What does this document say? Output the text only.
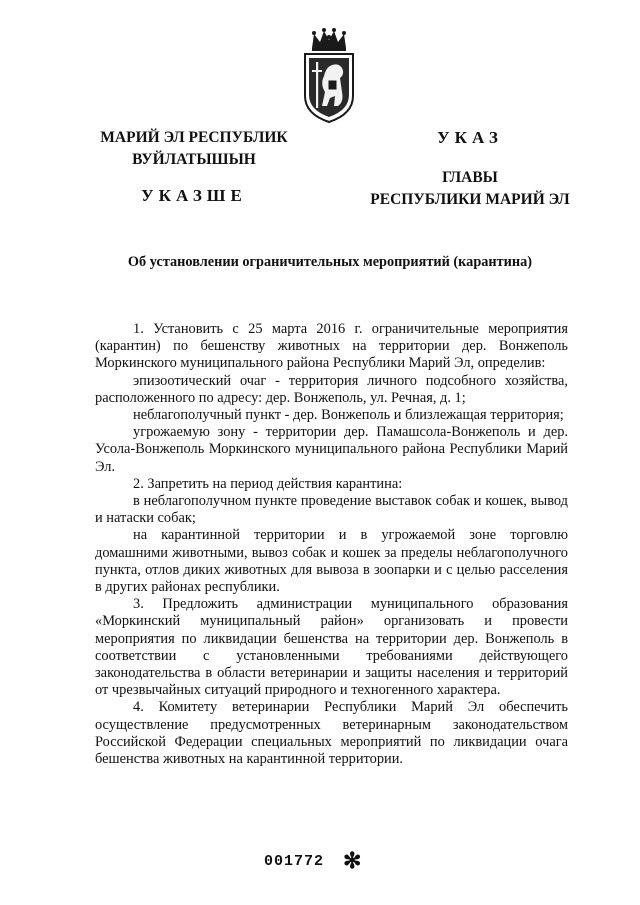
МАРИЙ ЭЛ РЕСПУБЛИК
ВУЙЛАТЫШЫН
УКАЗШЕ
УКАЗ
ГЛАВЫ
РЕСПУБЛИКИ МАРИЙ ЭЛ
Об установлении ограничительных мероприятий (карантина)

1. Установить с 25 марта 2016 г. ограничительные мероприятия (карантин) по бешенству животных на территории дер. Вонжеполь Моркинского муниципального района Республики Марий Эл, определив:

эпизоотический очаг - территория личного подсобного хозяйства, расположенного по адресу: дер. Вонжеполь, ул. Речная, д. 1;

неблагополучный пункт - дер. Вонжеполь и близлежащая территория;

угрожаемую зону - территории дер. Памашсола-Вонжеполь и дер. Усола-Вонжеполь Моркинского муниципального района Республики Марий Эл.

2. Запретить на период действия карантина:

в неблагополучном пункте проведение выставок собак и кошек, вывод и натаски собак;

на карантинной территории и в угрожаемой зоне торговлю домашними животными, вывоз собак и кошек за пределы неблагополучного пункта, отлов диких животных для вывоза в зоопарки и с целью расселения в других районах республики.

3. Предложить администрации муниципального образования «Моркинский муниципальный район» организовать и провести мероприятия по ликвидации бешенства на территории дер. Вонжеполь в соответствии с установленными требованиями действующего законодательства в области ветеринарии и защиты населения и территорий от чрезвычайных ситуаций природного и техногенного характера.

4. Комитету ветеринарии Республики Марий Эл обеспечить осуществление предусмотренных ветеринарным законодательством Российской Федерации специальных мероприятий по ликвидации очага бешенства животных на карантинной территории.

001772 ✻
